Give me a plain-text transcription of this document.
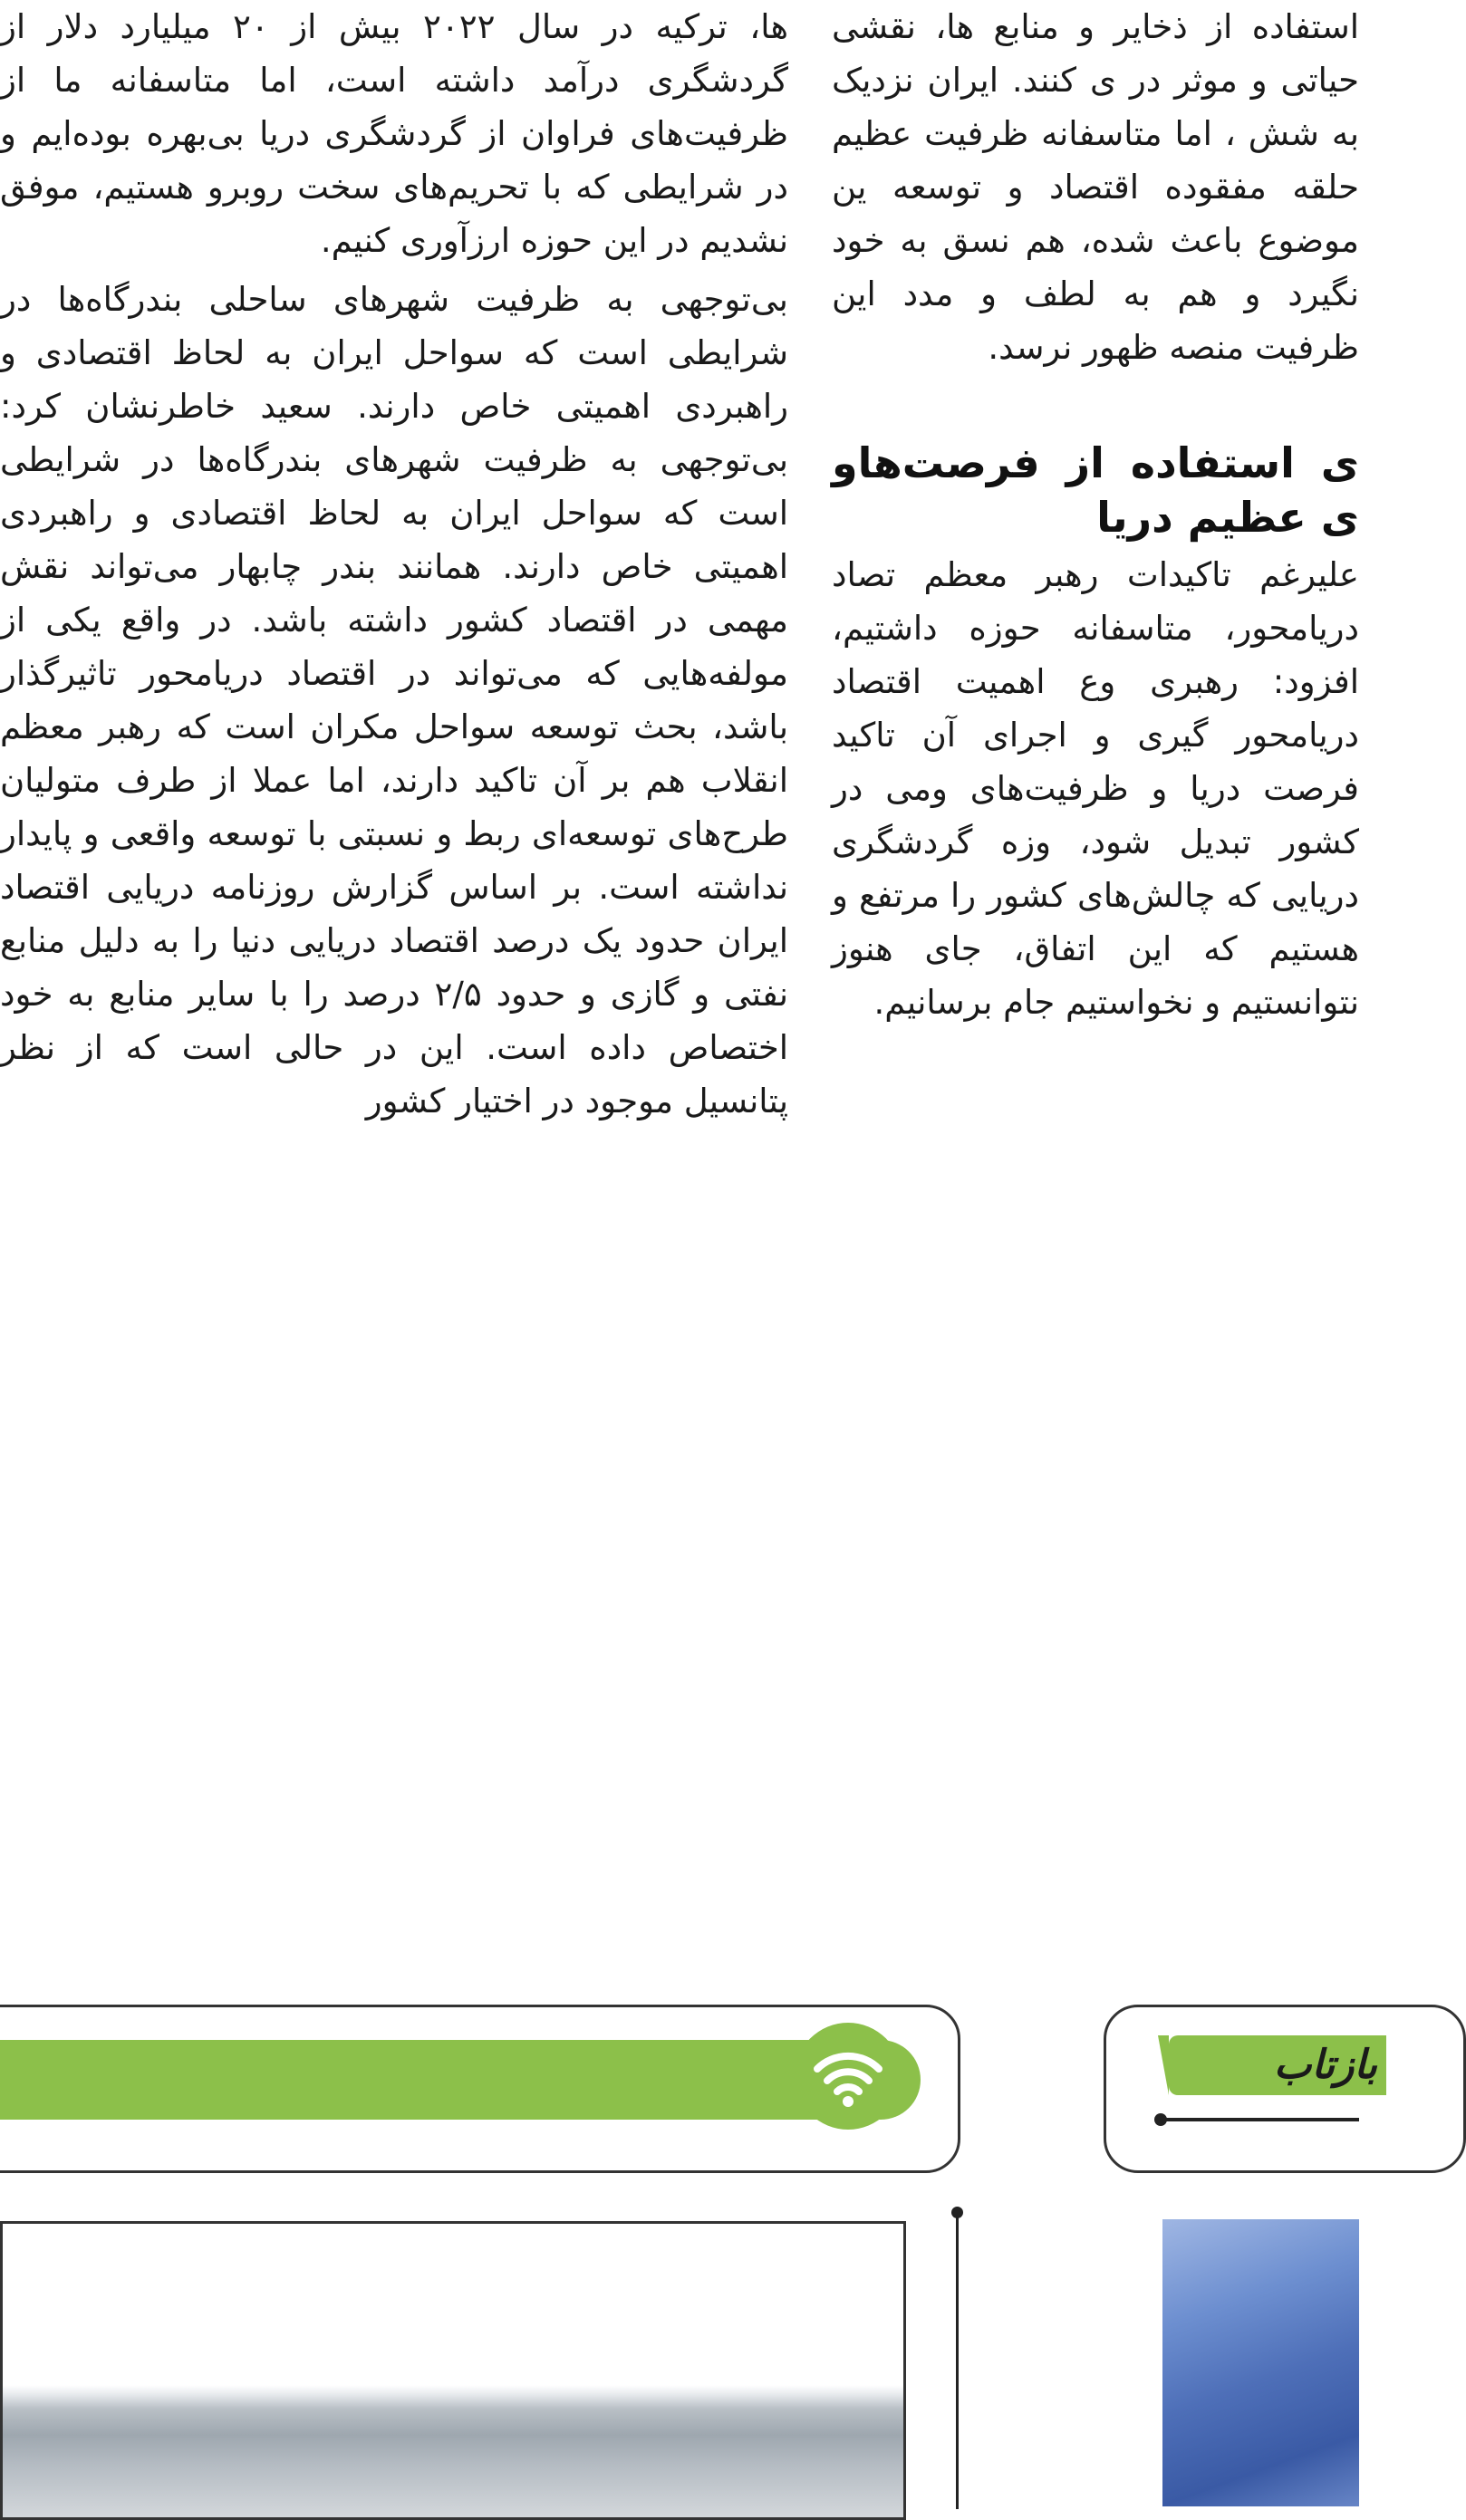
ها، ترکیه در سال ۲۰۲۲ بیش از ۲۰ میلیارد دلار از گردشگری درآمد داشته است، اما متاسفانه ما از ظرفیت‌های فراوان از گردشگری دریا بی‌بهره بوده‌ایم و در شرایطی که با تحریم‌های سخت روبرو هستیم، موفق نشدیم در این حوزه ارزآوری کنیم.

بی‌توجهی به ظرفیت شهرهای ساحلی بندرگاه‌ها در شرایطی است که سواحل ایران به لحاظ اقتصادی و راهبردی اهمیتی خاص دارند. سعید خاطرنشان کرد: بی‌توجهی به ظرفیت شهرهای بندرگاه‌ها در شرایطی است که سواحل ایران به لحاظ اقتصادی و راهبردی اهمیتی خاص دارند. همانند بندر چابهار می‌تواند نقش مهمی در اقتصاد کشور داشته باشد. در واقع یکی از مولفه‌هایی که می‌تواند در اقتصاد دریامحور تاثیرگذار باشد، بحث توسعه سواحل مکران است که رهبر معظم انقلاب هم بر آن تاکید دارند، اما عملا از طرف متولیان طرح‌های توسعه‌ای ربط و نسبتی با توسعه واقعی و پایدار نداشته است. بر اساس گزارش روزنامه دریایی اقتصاد ایران حدود یک درصد اقتصاد دریایی دنیا را به دلیل منابع نفتی و گازی و حدود ۲/۵ درصد را با سایر منابع به خود اختصاص داده است. این در حالی است که از نظر پتانسیل موجود در اختیار کشور

استفاده از ذخایر و منابع ها، نقشی حیاتی و موثر در ی کنند. ایران نزدیک به شش ، اما متاسفانه ظرفیت عظیم حلقه مفقوده اقتصاد و توسعه ین موضوع باعث شده، هم نسق به خود نگیرد و هم به لطف و مدد این ظرفیت منصه ظهور نرسد.

ی استفاده از فرصت‌هاو ی عظیم دریا

علیرغم تاکیدات رهبر معظم تصاد دریامحور، متاسفانه حوزه داشتیم، افزود: رهبری وع اهمیت اقتصاد دریامحور گیری و اجرای آن تاکید فرصت دریا و ظرفیت‌های ومی در کشور تبدیل شود، وزه گردشگری دریایی که چالش‌های کشور را مرتفع و هستیم که این اتفاق، جای هنوز نتوانستیم و نخواستیم جام برسانیم.

بازتاب
